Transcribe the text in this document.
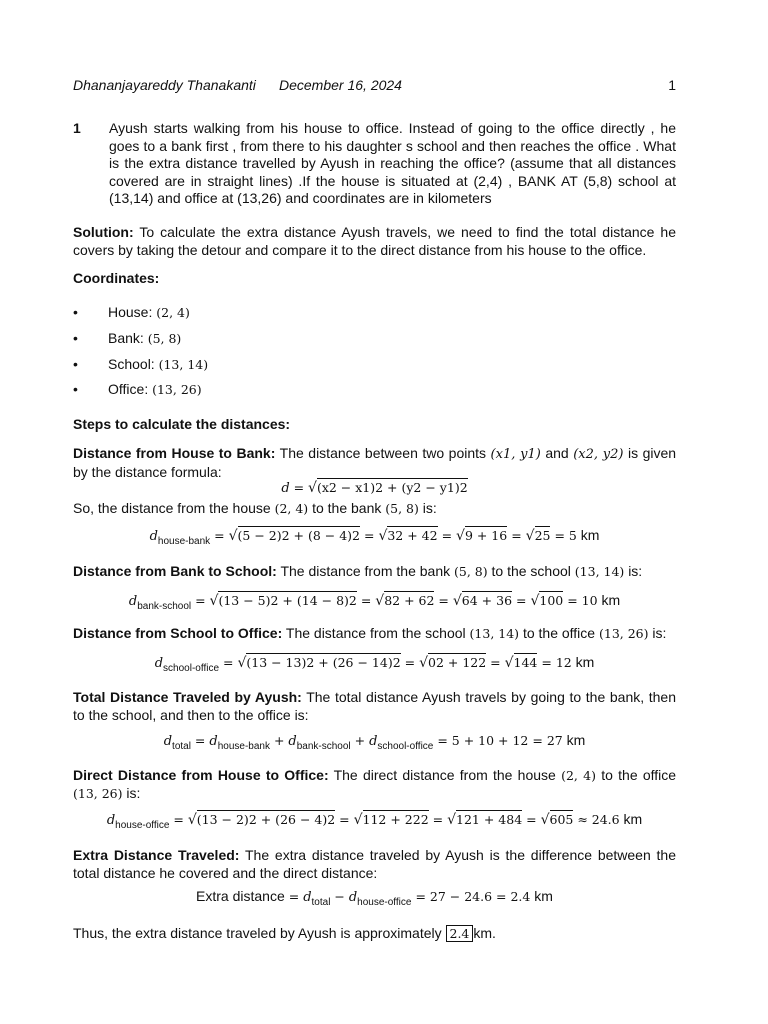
Dhananjayareddy Thanakanti December 16, 2024	1
1 Ayush starts walking from his house to office. Instead of going to the office directly , he goes to a bank first , from there to his daughter s school and then reaches the office . What is the extra distance travelled by Ayush in reaching the office? (assume that all distances covered are in straight lines) .If the house is situated at (2,4) , BANK AT (5,8) school at (13,14) and office at (13,26) and coordinates are in kilometers
Solution: To calculate the extra distance Ayush travels, we need to find the total distance he covers by taking the detour and compare it to the direct distance from his house to the office.
Coordinates:
• House: (2, 4)
• Bank: (5, 8)
• School: (13, 14)
• Office: (13, 26)
Steps to calculate the distances:
Distance from House to Bank: The distance between two points (x1, y1) and (x2, y2) is given by the distance formula:
d = √(x2 − x1)2 + (y2 − y1)2
So, the distance from the house (2, 4) to the bank (5, 8) is:
$d_{house-bank} = √(5 - 2)2 + (8 - 4)2 = √32 + 42 = √9 + 16 = √25 = 5$ km
Distance from Bank to School: The distance from the bank (5, 8) to the school (13, 14) is:
$d_{bank-school} = √(13 - 5)2 + (14 - 8)2 = √82 + 62 = √64 + 36 = √100 = 10$ km
Distance from School to Office: The distance from the school (13, 14) to the office (13, 26) is:
$d_{school-office} = √(13 - 13)2 + (26 - 14)2 = √02 + 122 = √144 = 12$ km
Total Distance Traveled by Ayush: The total distance Ayush travels by going to the bank, then to the school, and then to the office is:
$d_{total} = d_{house-bank} + d_{bank-school} + d_{school-office} = 5 + 10 + 12 = 27$ km
Direct Distance from House to Office: The direct distance from the house (2, 4) to the office (13, 26) is:
$d_{house-office} = √(13 - 2)2 + (26 - 4)2 = √112 + 222 = √121 + 484 = √605 \approx 24.6$ km
Extra Distance Traveled: The extra distance traveled by Ayush is the difference between the total distance he covered and the direct distance:
Extra distance = $d_{total} - d_{house-office} = 27 - 24.6 = 2.4$ km
Thus, the extra distance traveled by Ayush is approximately 2.4 km.
